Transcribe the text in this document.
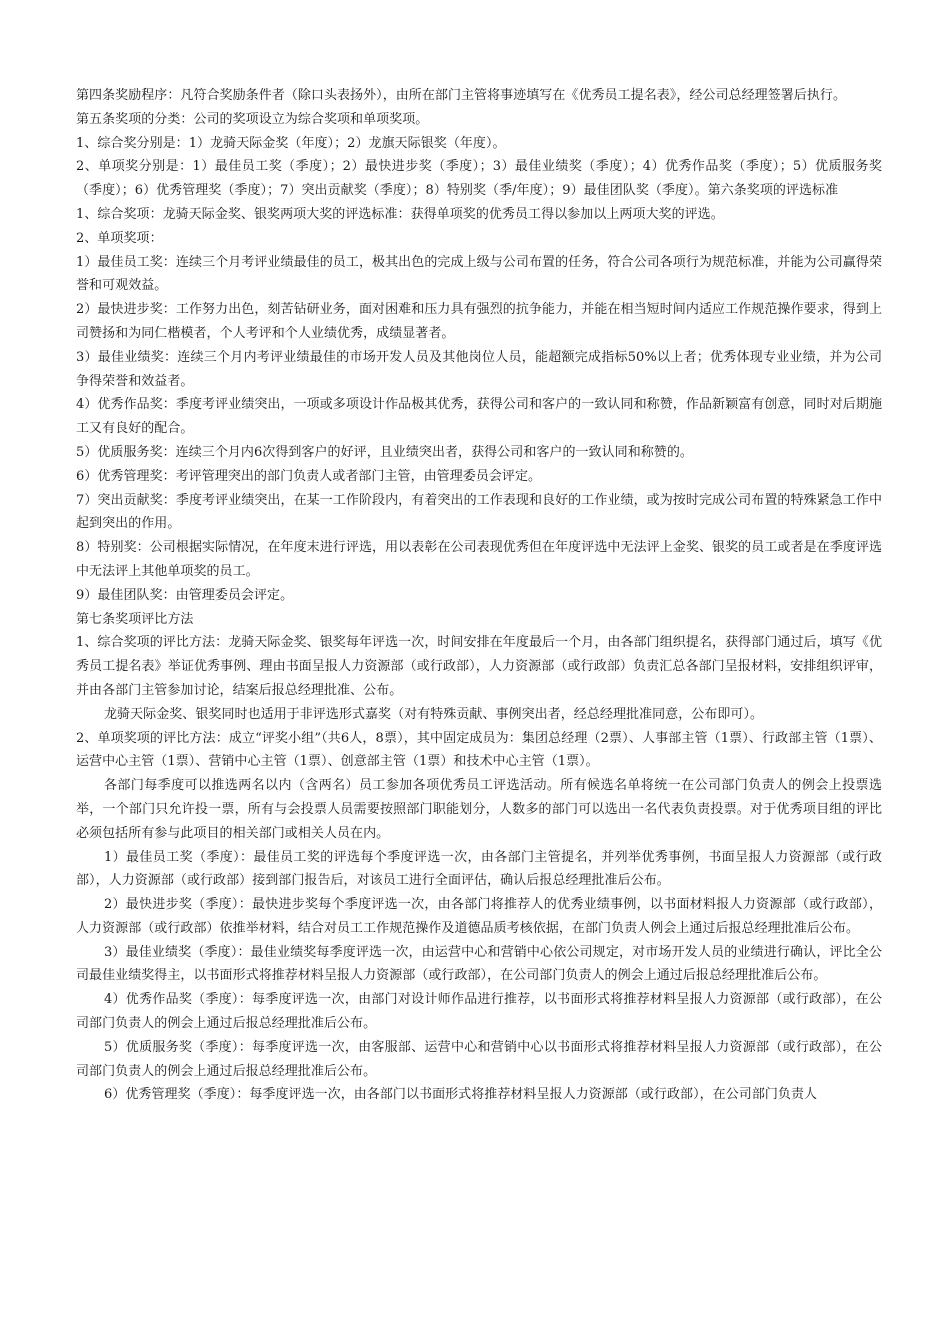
第四条奖励程序：凡符合奖励条件者（除口头表扬外），由所在部门主管将事迹填写在《优秀员工提名表》，经公司总经理签署后执行。

第五条奖项的分类：公司的奖项设立为综合奖项和单项奖项。

1、综合奖分别是：1）龙骑天际金奖（年度）；2）龙旗天际银奖（年度）。

2、单项奖分别是：1）最佳员工奖（季度）；2）最快进步奖（季度）；3）最佳业绩奖（季度）；4）优秀作品奖（季度）；5）优质服务奖（季度）；6）优秀管理奖（季度）；7）突出贡献奖（季度）；8）特别奖（季/年度）；9）最佳团队奖（季度）。第六条奖项的评选标准

1、综合奖项：龙骑天际金奖、银奖两项大奖的评选标准：获得单项奖的优秀员工得以参加以上两项大奖的评选。

2、单项奖项：

1）最佳员工奖：连续三个月考评业绩最佳的员工，极其出色的完成上级与公司布置的任务，符合公司各项行为规范标准，并能为公司赢得荣誉和可观效益。

2）最快进步奖：工作努力出色，刻苦钻研业务，面对困难和压力具有强烈的抗争能力，并能在相当短时间内适应工作规范操作要求，得到上司赞扬和为同仁楷模者，个人考评和个人业绩优秀，成绩显著者。

3）最佳业绩奖：连续三个月内考评业绩最佳的市场开发人员及其他岗位人员，能超额完成指标50%以上者；优秀体现专业业绩，并为公司争得荣誉和效益者。

4）优秀作品奖：季度考评业绩突出，一项或多项设计作品极其优秀，获得公司和客户的一致认同和称赞，作品新颖富有创意，同时对后期施工又有良好的配合。

5）优质服务奖：连续三个月内6次得到客户的好评，且业绩突出者，获得公司和客户的一致认同和称赞的。

6）优秀管理奖：考评管理突出的部门负责人或者部门主管，由管理委员会评定。

7）突出贡献奖：季度考评业绩突出，在某一工作阶段内，有着突出的工作表现和良好的工作业绩，或为按时完成公司布置的特殊紧急工作中起到突出的作用。

8）特别奖：公司根据实际情况，在年度末进行评选，用以表彰在公司表现优秀但在年度评选中无法评上金奖、银奖的员工或者是在季度评选中无法评上其他单项奖的员工。

9）最佳团队奖：由管理委员会评定。

第七条奖项评比方法

1、综合奖项的评比方法：龙骑天际金奖、银奖每年评选一次，时间安排在年度最后一个月，由各部门组织提名，获得部门通过后，填写《优秀员工提名表》举证优秀事例、理由书面呈报人力资源部（或行政部），人力资源部（或行政部）负责汇总各部门呈报材料，安排组织评审，并由各部门主管参加讨论，结案后报总经理批准、公布。

龙骑天际金奖、银奖同时也适用于非评选形式嘉奖（对有特殊贡献、事例突出者，经总经理批准同意，公布即可）。

2、单项奖项的评比方法：成立“评奖小组”（共6人，8票），其中固定成员为：集团总经理（2票）、人事部主管（1票）、行政部主管（1票）、运营中心主管（1票）、营销中心主管（1票）、创意部主管（1票）和技术中心主管（1票）。

各部门每季度可以推选两名以内（含两名）员工参加各项优秀员工评选活动。所有候选名单将统一在公司部门负责人的例会上投票选举，一个部门只允许投一票，所有与会投票人员需要按照部门职能划分，人数多的部门可以选出一名代表负责投票。对于优秀项目组的评比必须包括所有参与此项目的相关部门或相关人员在内。

1）最佳员工奖（季度）：最佳员工奖的评选每个季度评选一次，由各部门主管提名，并列举优秀事例，书面呈报人力资源部（或行政部），人力资源部（或行政部）接到部门报告后，对该员工进行全面评估，确认后报总经理批准后公布。

2）最快进步奖（季度）：最快进步奖每个季度评选一次，由各部门将推荐人的优秀业绩事例，以书面材料报人力资源部（或行政部），人力资源部（或行政部）依推举材料，结合对员工工作规范操作及道德品质考核依据，在部门负责人例会上通过后报总经理批准后公布。

3）最佳业绩奖（季度）：最佳业绩奖每季度评选一次，由运营中心和营销中心依公司规定，对市场开发人员的业绩进行确认，评比全公司最佳业绩奖得主，以书面形式将推荐材料呈报人力资源部（或行政部），在公司部门负责人的例会上通过后报总经理批准后公布。

4）优秀作品奖（季度）：每季度评选一次，由部门对设计师作品进行推荐，以书面形式将推荐材料呈报人力资源部（或行政部），在公司部门负责人的例会上通过后报总经理批准后公布。

5）优质服务奖（季度）：每季度评选一次，由客服部、运营中心和营销中心以书面形式将推荐材料呈报人力资源部（或行政部），在公司部门负责人的例会上通过后报总经理批准后公布。

6）优秀管理奖（季度）：每季度评选一次，由各部门以书面形式将推荐材料呈报人力资源部（或行政部），在公司部门负责人
